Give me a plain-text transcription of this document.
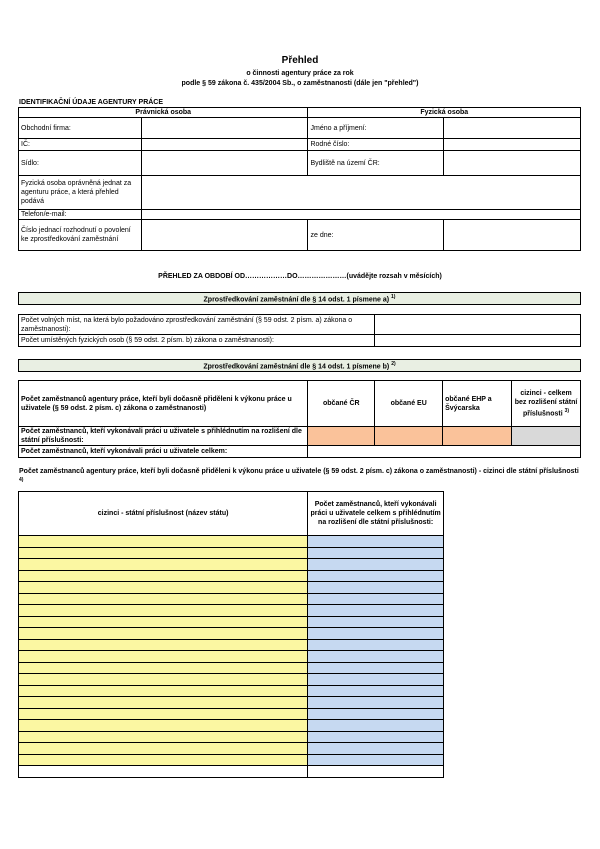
Přehled
o činnosti agentury práce za rok
podle § 59 zákona č. 435/2004 Sb., o zaměstnanosti (dále jen "přehled")
IDENTIFIKAČNÍ ÚDAJE AGENTURY PRÁCE
Právnická osoba		Fyzická osoba	
Obchodní firma:		Jméno a příjmení:	
IČ:		Rodné číslo:	
Sídlo:		Bydliště na území ČR:	
Fyzická osoba oprávněná jednat za agenturu práce, a která přehled podává			
Telefon/e-mail:			
Číslo jednací rozhodnutí o povolení ke zprostředkování zaměstnání		ze dne:	
PŘEHLED ZA OBDOBÍ OD………………DO…………………(uvádějte rozsah v měsících)
Zprostředkování zaměstnání dle § 14 odst. 1 písmene a) $^{1)}$
Počet volných míst, na která bylo požadováno zprostředkování zaměstnání (§ 59 odst. 2 písm. a) zákona o zaměstnanosti):	
Počet umístěných fyzických osob (§ 59 odst. 2 písm. b) zákona o zaměstnanosti):	
Zprostředkování zaměstnání dle § 14 odst. 1 písmene b) $^{2)}$
Počet zaměstnanců agentury práce, kteří byli dočasně přiděleni k výkonu práce u uživatele (§ 59 odst. 2 písm. c) zákona o zaměstnanosti)	občané ČR	občané EU	občané EHP a Švýcarska	cizinci - celkem bez rozlišení státní příslušnosti $^{3)}$
Počet zaměstnanců, kteří vykonávali práci u uživatele s přihlédnutím na rozlišení dle státní příslušnosti:				
Počet zaměstnanců, kteří vykonávali práci u uživatele celkem:				
Počet zaměstnanců agentury práce, kteří byli dočasně přiděleni k výkonu práce u uživatele (§ 59 odst. 2 písm. c) zákona o zaměstnanosti) - cizinci dle státní příslušnosti $^{4)}$
cizinci - státní příslušnost (název státu)	Počet zaměstnanců, kteří vykonávali práci u uživatele celkem s přihlédnutím na rozlišení dle státní příslušnosti:
